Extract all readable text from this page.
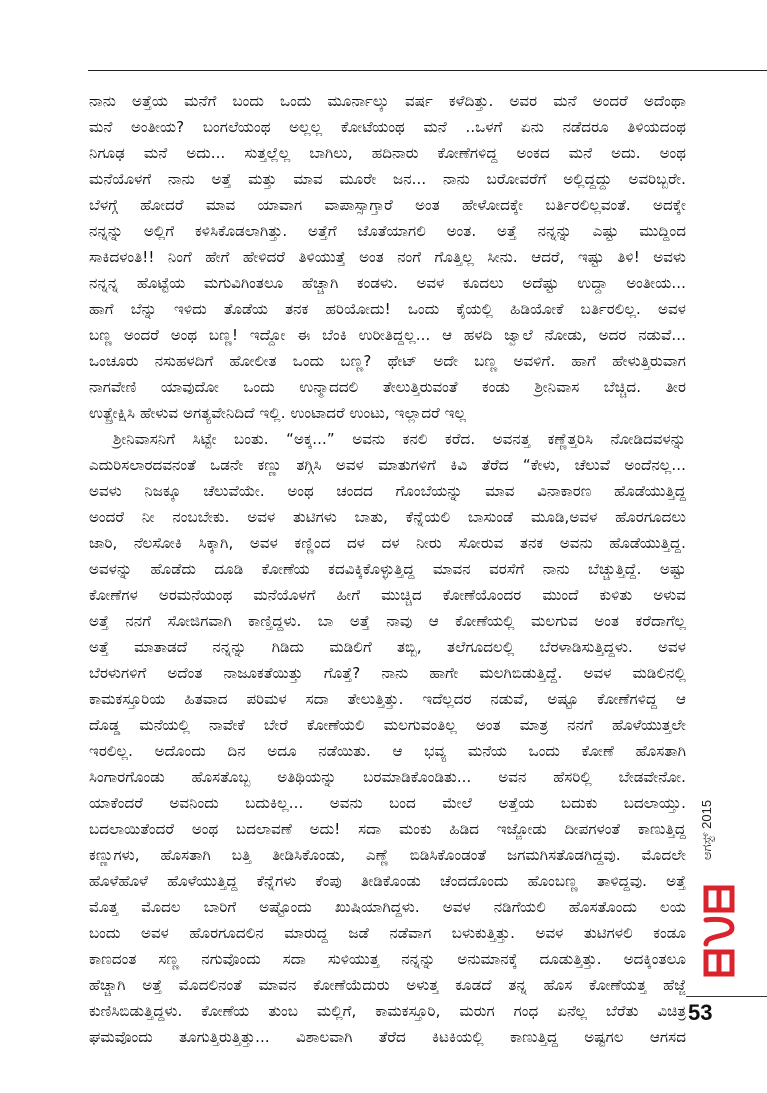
ನಾನು ಅತ್ತೆಯ ಮನೆಗೆ ಬಂದು ಒಂದು ಮೂರ್ನಾಲ್ಕು ವರ್ಷ ಕಳೆದಿತ್ತು. ಅವರ ಮನೆ ಅಂದರೆ ಅದೆಂಥಾ
ಮನೆ ಅಂತೀಯ? ಬಂಗಲೆಯಂಥ ಅಲ್ಲಲ್ಲ ಕೋಟೆಯಂಥ ಮನೆ ..ಒಳಗೆ ಏನು ನಡೆದರೂ ತಿಳಿಯದಂಥ
ನಿಗೂಢ ಮನೆ ಅದು... ಸುತ್ತಲ್ಲೆಲ್ಲ ಬಾಗಿಲು, ಹದಿನಾರು ಕೋಣೆಗಳಿದ್ದ ಅಂಕದ ಮನೆ ಅದು. ಅಂಥ
ಮನೆಯೊಳಗೆ ನಾನು ಅತ್ತೆ ಮತ್ತು ಮಾವ ಮೂರೇ ಜನ... ನಾನು ಬರೋವರೆಗೆ ಅಲ್ಲಿದ್ದದ್ದು ಅವರಿಬ್ಬರೇ.
ಬೆಳಗ್ಗೆ ಹೋದರೆ ಮಾವ ಯಾವಾಗ ವಾಪಾಸ್ಸಾಗ್ತಾರೆ ಅಂತ ಹೇಳೋದಕ್ಕೇ ಬರ್ತಿರಲಿಲ್ಲವಂತೆ. ಅದಕ್ಕೇ
ನನ್ನನ್ನು ಅಲ್ಲಿಗೆ ಕಳಿಸಿಕೊಡಲಾಗಿತ್ತು. ಅತ್ತೆಗೆ ಜೊತೆಯಾಗಲಿ ಅಂತ. ಅತ್ತೆ ನನ್ನನ್ನು ಎಷ್ಟು ಮುದ್ದಿಂದ
ಸಾಕಿದಳಂತಿ!! ನಿಂಗೆ ಹೇಗೆ ಹೇಳಿದರೆ ತಿಳಿಯುತ್ತೆ ಅಂತ ನಂಗೆ ಗೊತ್ತಿಲ್ಲ ಸೀನು. ಆದರೆ, ಇಷ್ಟು ತಿಳಿ! ಅವಳು
ನನ್ನನ್ನ ಹೊಟ್ಟೆಯ ಮಗುವಿಗಿಂತಲೂ ಹೆಚ್ಚಾಗಿ ಕಂಡಳು. ಅವಳ ಕೂದಲು ಅದೆಷ್ಟು ಉದ್ದಾ ಅಂತೀಯ...
ಹಾಗೆ ಬೆನ್ನು ಇಳಿದು ತೊಡೆಯ ತನಕ ಹರಿಯೋದು! ಒಂದು ಕೈಯಲ್ಲಿ ಹಿಡಿಯೋಕೆ ಬರ್ತಿರಲಿಲ್ಲ. ಅವಳ
ಬಣ್ಣ ಅಂದರೆ ಅಂಥ ಬಣ್ಣ! ಇದ್ದೋ ಈ ಬೆಂಕಿ ಉರೀತಿದ್ದಲ್ಲ... ಆ ಹಳದಿ ಜ್ವಾಲೆ ನೋಡು, ಅದರ ನಡುವೆ...
ಒಂಚೂರು ನಸುಹಳದಿಗೆ ಹೋಲೀತ ಒಂದು ಬಣ್ಣ? ಥೇಟ್ ಅದೇ ಬಣ್ಣ ಅವಳಿಗೆ. ಹಾಗೆ ಹೇಳುತ್ತಿರುವಾಗ
ನಾಗವೇಣಿ ಯಾವುದೋ ಒಂದು ಉನ್ಮಾದದಲಿ ತೇಲುತ್ತಿರುವಂತೆ ಕಂಡು ಶ್ರೀನಿವಾಸ ಬೆಚ್ಚಿದ. ತೀರ
ಉತ್ಪ್ರೇಕ್ಷಿಸಿ ಹೇಳುವ ಅಗತ್ಯವೇನಿದಿದೆ ಇಲ್ಲಿ. ಉಂಟಾದರೆ ಉಂಟು, ಇಲ್ಲಾದರೆ ಇಲ್ಲ
ಶ್ರೀನಿವಾಸನಿಗೆ ಸಿಟ್ಟೇ ಬಂತು. “ಅಕ್ಕ...” ಅವನು ಕನಲಿ ಕರೆದ. ಅವನತ್ತ ಕಣ್ಣೆತ್ತರಿಸಿ ನೋಡಿದವಳನ್ನು
ಎದುರಿಸಲಾರದವನಂತೆ ಒಡನೇ ಕಣ್ಣು ತಗ್ಗಿಸಿ ಅವಳ ಮಾತುಗಳಿಗೆ ಕಿವಿ ತೆರೆದ “ಕೇಳು, ಚೆಲುವೆ ಅಂದೆನಲ್ಲ...
ಅವಳು ನಿಜಕ್ಕೂ ಚೆಲುವೆಯೇ. ಅಂಥ ಚಂದದ ಗೊಂಬೆಯನ್ನು ಮಾವ ವಿನಾಕಾರಣ ಹೊಡೆಯುತ್ತಿದ್ದ
ಅಂದರೆ ನೀ ನಂಬಬೇಕು. ಅವಳ ತುಟಿಗಳು ಬಾತು, ಕೆನ್ನೆಯಲಿ ಬಾಸುಂಡೆ ಮೂಡಿ,ಅವಳ ಹೊರಗೂದಲು
ಜಾರಿ, ನೆಲಸೋಕಿ ಸಿಕ್ಕಾಗಿ, ಅವಳ ಕಣ್ಣಿಂದ ದಳ ದಳ ನೀರು ಸೋರುವ ತನಕ ಅವನು ಹೊಡೆಯುತ್ತಿದ್ದ.
ಅವಳನ್ನು ಹೊಡೆದು ದೂಡಿ ಕೋಣೆಯ ಕದವಿಕ್ಕಿಕೊಳ್ಳುತ್ತಿದ್ದ ಮಾವನ ವರಸೆಗೆ ನಾನು ಬೆಚ್ಚುತ್ತಿದ್ದೆ. ಅಷ್ಟು
ಕೋಣೆಗಳ ಅರಮನೆಯಂಥ ಮನೆಯೊಳಗೆ ಹೀಗೆ ಮುಚ್ಚಿದ ಕೋಣೆಯೊಂದರ ಮುಂದೆ ಕುಳಿತು ಅಳುವ
ಅತ್ತೆ ನನಗೆ ಸೋಜಿಗವಾಗಿ ಕಾಣ್ತಿದ್ದಳು. ಬಾ ಅತ್ತೆ ನಾವು ಆ ಕೋಣೆಯಲ್ಲಿ ಮಲಗುವ ಅಂತ ಕರೆದಾಗೆಲ್ಲ
ಅತ್ತೆ ಮಾತಾಡದೆ ನನ್ನನ್ನು ಗಿಡಿದು ಮಡಿಲಿಗೆ ತಬ್ಬಿ, ತಲೆಗೂದಲಲ್ಲಿ ಬೆರಳಾಡಿಸುತ್ತಿದ್ದಳು. ಅವಳ
ಬೆರಳುಗಳಿಗೆ ಅದೆಂತ ನಾಜೂಕತೆಯಿತ್ತು ಗೊತ್ತೆ? ನಾನು ಹಾಗೇ ಮಲಗಿಬಿಡುತ್ತಿದ್ದೆ. ಅವಳ ಮಡಿಲಿನಲ್ಲಿ
ಕಾಮಕಸ್ತೂರಿಯ ಹಿತವಾದ ಪರಿಮಳ ಸದಾ ತೇಲುತ್ತಿತ್ತು. ಇದೆಲ್ಲದರ ನಡುವೆ, ಅಷ್ಟೂ ಕೋಣೆಗಳಿದ್ದ ಆ
ದೊಡ್ಡ ಮನೆಯಲ್ಲಿ ನಾವೇಕೆ ಬೇರೆ ಕೋಣೆಯಲಿ ಮಲಗುವಂತಿಲ್ಲ ಅಂತ ಮಾತ್ರ ನನಗೆ ಹೊಳೆಯುತ್ತಲೇ
ಇರಲಿಲ್ಲ. ಅದೊಂದು ದಿನ ಅದೂ ನಡೆಯಿತು. ಆ ಭವ್ಯ ಮನೆಯ ಒಂದು ಕೋಣೆ ಹೊಸತಾಗಿ
ಸಿಂಗಾರಗೊಂಡು ಹೊಸತೊಬ್ಬ ಅತಿಥಿಯನ್ನು ಬರಮಾಡಿಕೊಂಡಿತು... ಅವನ ಹೆಸರಿಲ್ಲಿ ಬೇಡವೇನೋ.
ಯಾಕೆಂದರೆ ಅವನಿಂದು ಬದುಕಿಲ್ಲ... ಅವನು ಬಂದ ಮೇಲೆ ಅತ್ತೆಯ ಬದುಕು ಬದಲಾಯ್ತು.
ಬದಲಾಯಿತೆಂದರೆ ಅಂಥ ಬದಲಾವಣೆ ಅದು! ಸದಾ ಮಂಕು ಹಿಡಿದ ಇಜ್ಜೋಡು ದೀಪಗಳಂತೆ ಕಾಣುತ್ತಿದ್ದ
ಕಣ್ಣುಗಳು, ಹೊಸತಾಗಿ ಬತ್ತಿ ತೀಡಿಸಿಕೊಂಡು, ಎಣ್ಣೆ ಬಿಡಿಸಿಕೊಂಡಂತೆ ಜಗಮಗಿಸತೊಡಗಿದ್ದವು. ಮೊದಲೇ
ಹೊಳೆಹೊಳೆ ಹೊಳೆಯುತ್ತಿದ್ದ ಕೆನ್ನೆಗಳು ಕೆಂಪು ತೀಡಿಕೊಂಡು ಚೆಂದದೊಂದು ಹೊಂಬಣ್ಣ ತಾಳಿದ್ದವು. ಅತ್ತೆ
ಮೊತ್ತ ಮೊದಲ ಬಾರಿಗೆ ಅಷ್ಟೊಂದು ಖುಷಿಯಾಗಿದ್ದಳು. ಅವಳ ನಡಿಗೆಯಲಿ ಹೊಸತೊಂದು ಲಯ
ಬಂದು ಅವಳ ಹೊರಗೂದಲಿನ ಮಾರುದ್ದ ಜಡೆ ನಡೆವಾಗ ಬಳುಕುತ್ತಿತ್ತು. ಅವಳ ತುಟಿಗಳಲಿ ಕಂಡೂ
ಕಾಣದಂತ ಸಣ್ಣ ನಗುವೊಂದು ಸದಾ ಸುಳಿಯುತ್ತ ನನ್ನನ್ನು ಅನುಮಾನಕ್ಕೆ ದೂಡುತ್ತಿತ್ತು. ಅದಕ್ಕಿಂತಲೂ
ಹೆಚ್ಚಾಗಿ ಅತ್ತೆ ಮೊದಲಿನಂತೆ ಮಾವನ ಕೋಣೆಯೆದುರು ಅಳುತ್ತ ಕೂಡದೆ ತನ್ನ ಹೊಸ ಕೋಣೆಯತ್ತ ಹೆಜ್ಜೆ
ಕುಣಿಸಿಬಿಡುತ್ತಿದ್ದಳು. ಕೋಣೆಯ ತುಂಬ ಮಲ್ಲಿಗೆ, ಕಾಮಕಸ್ತೂರಿ, ಮರುಗ ಗಂಧ ಏನೆಲ್ಲ ಬೆರೆತು ವಿಚಿತ್ರ
ಘಮವೊಂದು ತೂಗುತ್ತಿರುತ್ತಿತ್ತು... ವಿಶಾಲವಾಗಿ ತೆರೆದ ಕಿಟಕಿಯಲ್ಲಿ ಕಾಣುತ್ತಿದ್ದ ಅಷ್ಟಗಲ ಆಗಸದ
ಆಗಸ್ಟ್ 2015
53
